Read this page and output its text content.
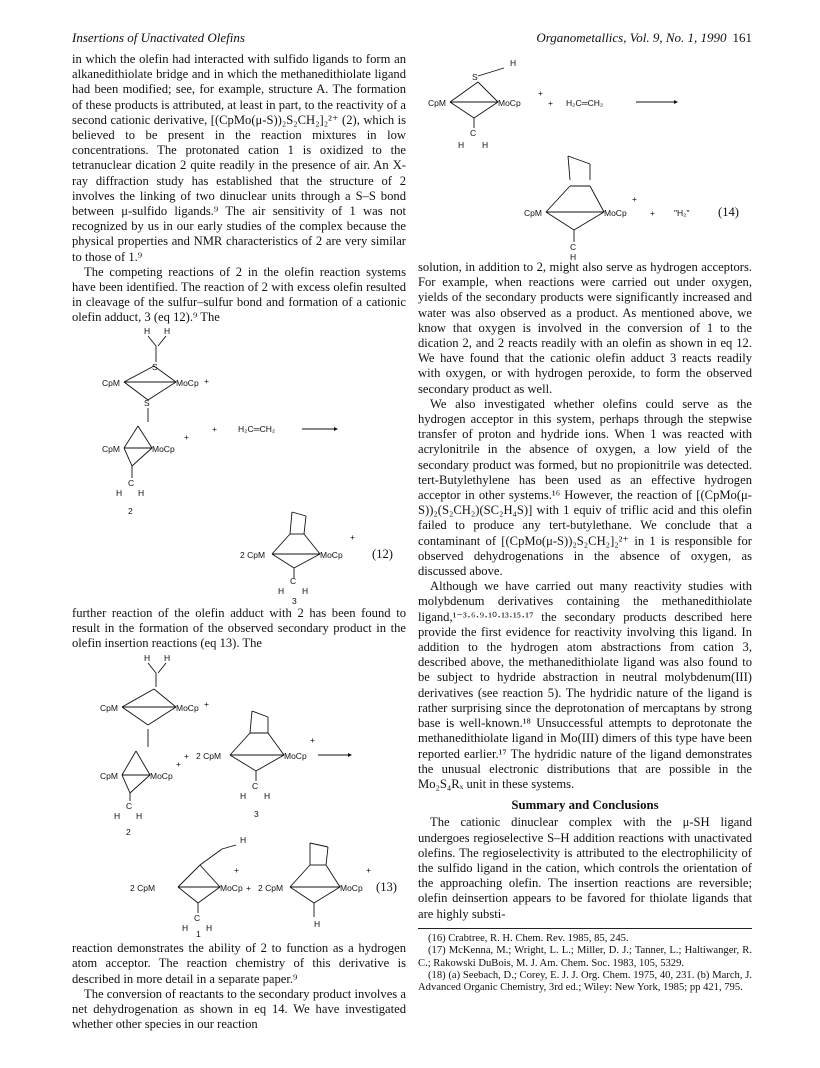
Insertions of Unactivated Olefins	Organometallics, Vol. 9, No. 1, 1990 161

in which the olefin had interacted with sulfido ligands to form an alkanedithiolate bridge and in which the methanedithiolate ligand had been modified; see, for example, structure A. The formation of these products is attributed, at least in part, to the reactivity of a second cationic derivative, [(CpMo(μ-S))₂S₂CH₂]₂²⁺ (2), which is believed to be present in the reaction mixtures in low concentrations. The protonated cation 1 is oxidized to the tetranuclear dication 2 quite readily in the presence of air. An X-ray diffraction study has established that the structure of 2 involves the linking of two dinuclear units through a S–S bond between μ-sulfido ligands.⁹ The air sensitivity of 1 was not recognized by us in our early studies of the complex because the physical properties and NMR characteristics of 2 are very similar to those of 1.⁹

The competing reactions of 2 in the olefin reaction systems have been identified. The reaction of 2 with excess olefin resulted in cleavage of the sulfur–sulfur bond and formation of a cationic olefin adduct, 3 (eq 12).⁹ The

H H
S
CpM	MoCp +
S
CpM	MoCp
+
C
H H
2
+ H₂C═CH₂
2 CpM	MoCp
+
C
H H
(12)
3

further reaction of the olefin adduct with 2 has been found to result in the formation of the observed secondary product in the olefin insertion reactions (eq 13). The

H H
CpM	MoCp +
CpM	MoCp
+
C
H H
2
+ 2 CpM	MoCp
+
C
H H
3
H
2 CpM	MoCp
+
+
C
H H
2 CpM	MoCp
+
(13)
H
1

reaction demonstrates the ability of 2 to function as a hydrogen atom acceptor. The reaction chemistry of this derivative is described in more detail in a separate paper.⁹

The conversion of reactants to the secondary product involves a net dehydrogenation as shown in eq 14. We have investigated whether other species in our reaction

H
S
CpM	MoCp
+
C
H H
+ H₂C═CH₂
CpM	MoCp
+
C
+ "H₂" (14)
H

solution, in addition to 2, might also serve as hydrogen acceptors. For example, when reactions were carried out under oxygen, yields of the secondary products were significantly increased and water was also observed as a product. As mentioned above, we know that oxygen is involved in the conversion of 1 to the dication 2, and 2 reacts readily with an olefin as shown in eq 12. We have found that the cationic olefin adduct 3 reacts readily with oxygen, or with hydrogen peroxide, to form the observed secondary product as well.

We also investigated whether olefins could serve as the hydrogen acceptor in this system, perhaps through the stepwise transfer of proton and hydride ions. When 1 was reacted with acrylonitrile in the absence of oxygen, a low yield of the secondary product was formed, but no propionitrile was detected. tert-Butylethylene has been used as an effective hydrogen acceptor in other systems.¹⁶ However, the reaction of [(CpMo(μ-S))₂(S₂CH₂)(SC₂H₄S)] with 1 equiv of triflic acid and this olefin failed to produce any tert-butylethane. We conclude that a contaminant of [(CpMo(μ-S))₂S₂CH₂]₂²⁺ in 1 is responsible for observed dehydrogenations in the absence of oxygen, as discussed above.

Although we have carried out many reactivity studies with molybdenum derivatives containing the methanedithiolate ligand,¹⁻³·⁶·⁹·¹⁰·¹³·¹⁵·¹⁷ the secondary products described here provide the first evidence for reactivity involving this ligand. In addition to the hydrogen atom abstractions from cation 3, described above, the methanedithiolate ligand was also found to be subject to hydride abstraction in neutral molybdenum(III) derivatives (see reaction 5). The hydridic nature of the ligand is rather surprising since the deprotonation of mercaptans by strong base is well-known.¹⁸ Unsuccessful attempts to deprotonate the methanedithiolate ligand in Mo(III) dimers of this type have been reported earlier.¹⁷ The hydridic nature of the ligand demonstrates the unusual electronic distributions that are possible in the Mo₂S₄Rₓ unit in these systems.

Summary and Conclusions

The cationic dinuclear complex with the μ-SH ligand undergoes regioselective S–H addition reactions with unactivated olefins. The regioselectivity is attributed to the electrophilicity of the sulfido ligand in the cation, which controls the orientation of the approaching olefin. The insertion reactions are reversible; olefin deinsertion appears to be favored for thiolate ligands that are highly substi-

(16) Crabtree, R. H. Chem. Rev. 1985, 85, 245.

(17) McKenna, M.; Wright, L. L.; Miller, D. J.; Tanner, L.; Haltiwanger, R. C.; Rakowski DuBois, M. J. Am. Chem. Soc. 1983, 105, 5329.

(18) (a) Seebach, D.; Corey, E. J. J. Org. Chem. 1975, 40, 231. (b) March, J. Advanced Organic Chemistry, 3rd ed.; Wiley: New York, 1985; pp 421, 795.
